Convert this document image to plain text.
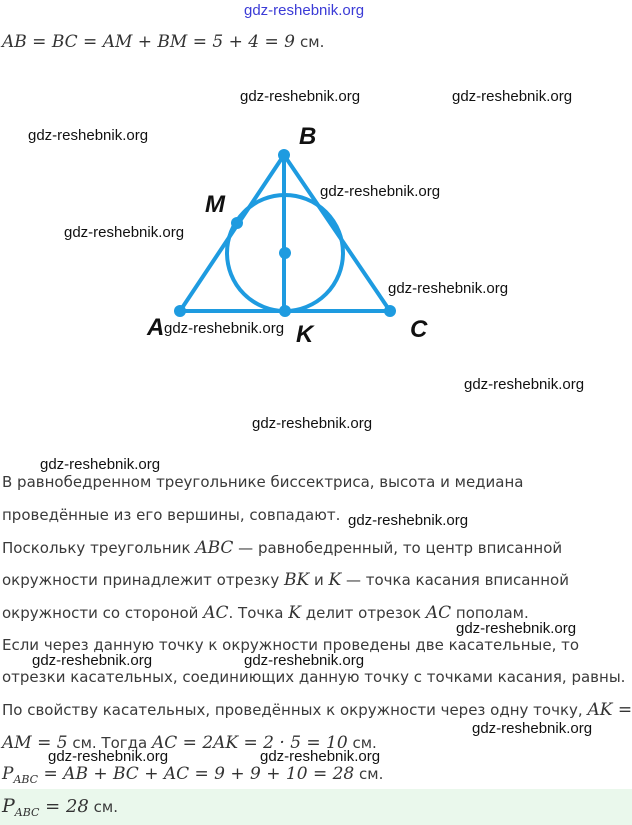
gdz-reshebnik.org
AB = BC = AM + BM = 5 + 4 = 9 см.
B
M
A	K	C
gdz-reshebnik.org	gdz-reshebnik.org
gdz-reshebnik.org
gdz-reshebnik.org
gdz-reshebnik.org
gdz-reshebnik.org
gdz-reshebnik.org
gdz-reshebnik.org
gdz-reshebnik.org
gdz-reshebnik.org
gdz-reshebnik.org
gdz-reshebnik.org
gdz-reshebnik.org	gdz-reshebnik.org
gdz-reshebnik.org
gdz-reshebnik.org	gdz-reshebnik.org
В равнобедренном треугольнике биссектриса, высота и медиана
проведённые из его вершины, совпадают.
Поскольку треугольник ABC — равнобедренный, то центр вписанной
окружности принадлежит отрезку BK и K — точка касания вписанной
окружности со стороной AC. Точка K делит отрезок AC пополам.
Если через данную точку к окружности проведены две касательные, то
отрезки касательных, соединиющих данную точку с точками касания, равны.
По свойству касательных, проведённых к окружности через одну точку, AK =
AM = 5 см. Тогда AC = 2AK = 2 · 5 = 10 см.
$P_{ABC}$ = AB + BC + AC = 9 + 9 + 10 = 28 см.
$P_{ABC} = 28$ см.
